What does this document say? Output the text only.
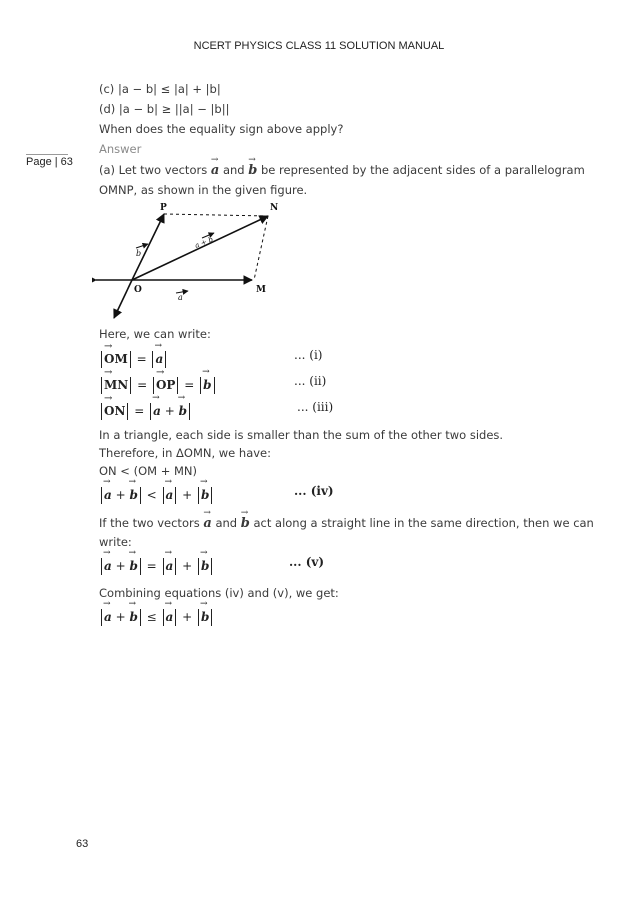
NCERT PHYSICS CLASS 11 SOLUTION MANUAL
Page | 63
(c) |a − b| ≤ |a| + |b|
(d) |a − b| ≥ ||a| − |b||
When does the equality sign above apply?
Answer
(a) Let two vectors → a and → b be represented by the adjacent sides of a parallelogram
OMNP, as shown in the given figure.
P	N
O	M
a
b
a + b
Here, we can write:
→ OM = → a	... (i)
→ MN = → OP = → b	... (ii)
→ ON = → a + → b	... (iii)
In a triangle, each side is smaller than the sum of the other two sides.
Therefore, in ΔOMN, we have:
ON < (OM + MN)
→ a + → b < → a + → b	... (iv)
If the two vectors → a and → b act along a straight line in the same direction, then we can
write:
→ a + → b = → a + → b	... (v)
Combining equations (iv) and (v), we get:
→ a + → b ≤ → a + → b
63
